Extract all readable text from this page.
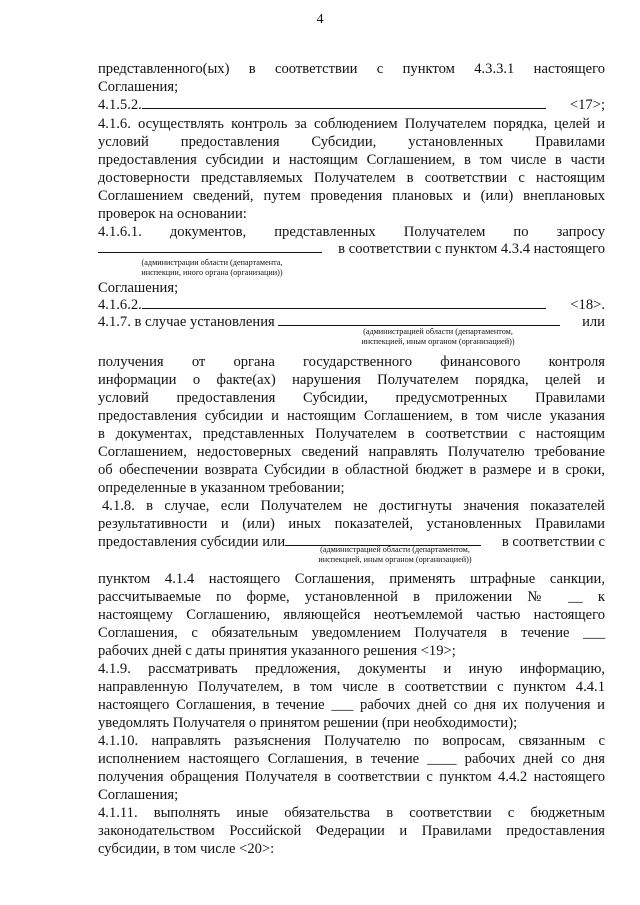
4
представленного(ых) в соответствии с пунктом 4.3.3.1 настоящего
Соглашения;
4.1.5.2.	<17>;
4.1.6. осуществлять контроль за соблюдением Получателем порядка, целей и
условий предоставления Субсидии, установленных Правилами
предоставления субсидии и настоящим Соглашением, в том числе в части
достоверности представляемых Получателем в соответствии с настоящим
Соглашением сведений, путем проведения плановых и (или) внеплановых
проверок на основании:
4.1.6.1. документов, представленных Получателем по запросу
в соответствии с пунктом 4.3.4 настоящего
(администрации области (департамента,
инспекции, иного органа (организации))
Соглашения;
4.1.6.2.	<18>.
4.1.7. в случае установления	или
(администрацией области (департаментом,
инспекцией, иным органом (организацией))
получения от органа государственного финансового контроля
информации о факте(ах) нарушения Получателем порядка, целей и
условий предоставления Субсидии, предусмотренных Правилами
предоставления субсидии и настоящим Соглашением, в том числе указания
в документах, представленных Получателем в соответствии с настоящим
Соглашением, недостоверных сведений направлять Получателю требование
об обеспечении возврата Субсидии в областной бюджет в размере и в сроки,
определенные в указанном требовании;
4.1.8. в случае, если Получателем не достигнуты значения показателей
результативности и (или) иных показателей, установленных Правилами
предоставления субсидии или	в соответствии с
(администрацией области (департаментом,
инспекцией, иным органом (организацией))
пунктом 4.1.4 настоящего Соглашения, применять штрафные санкции,
рассчитываемые по форме, установленной в приложении № __ к
настоящему Соглашению, являющейся неотъемлемой частью настоящего
Соглашения, с обязательным уведомлением Получателя в течение ___
рабочих дней с даты принятия указанного решения <19>;
4.1.9. рассматривать предложения, документы и иную информацию,
направленную Получателем, в том числе в соответствии с пунктом 4.4.1
настоящего Соглашения, в течение ___ рабочих дней со дня их получения и
уведомлять Получателя о принятом решении (при необходимости);
4.1.10. направлять разъяснения Получателю по вопросам, связанным с
исполнением настоящего Соглашения, в течение ____ рабочих дней со дня
получения обращения Получателя в соответствии с пунктом 4.4.2 настоящего
Соглашения;
4.1.11. выполнять иные обязательства в соответствии с бюджетным
законодательством Российской Федерации и Правилами предоставления
субсидии, в том числе <20>:
